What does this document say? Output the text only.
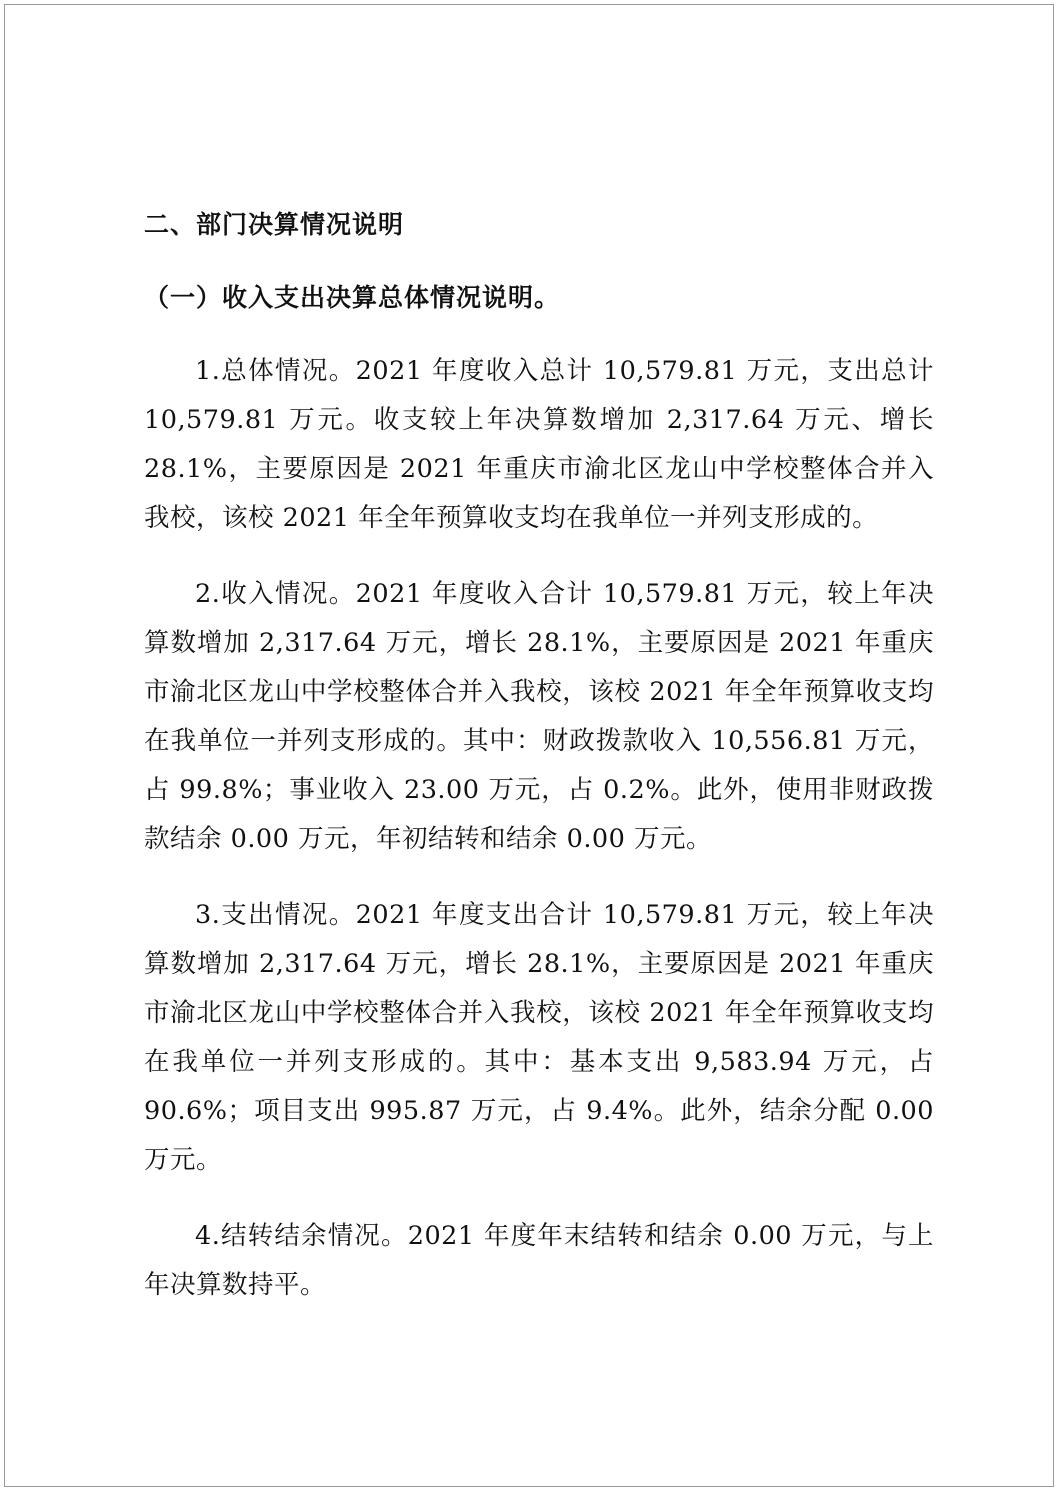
二、部门决算情况说明
（一）收入支出决算总体情况说明。

1.总体情况。2021 年度收入总计 10,579.81 万元，支出总计 10,579.81 万元。收支较上年决算数增加 2,317.64 万元、增长 28.1%，主要原因是 2021 年重庆市渝北区龙山中学校整体合并入我校，该校 2021 年全年预算收支均在我单位一并列支形成的。

2.收入情况。2021 年度收入合计 10,579.81 万元，较上年决算数增加 2,317.64 万元，增长 28.1%，主要原因是 2021 年重庆市渝北区龙山中学校整体合并入我校，该校 2021 年全年预算收支均在我单位一并列支形成的。其中：财政拨款收入 10,556.81 万元，占 99.8%；事业收入 23.00 万元，占 0.2%。此外，使用非财政拨款结余 0.00 万元，年初结转和结余 0.00 万元。

3.支出情况。2021 年度支出合计 10,579.81 万元，较上年决算数增加 2,317.64 万元，增长 28.1%，主要原因是 2021 年重庆市渝北区龙山中学校整体合并入我校，该校 2021 年全年预算收支均在我单位一并列支形成的。其中：基本支出 9,583.94 万元，占 90.6%；项目支出 995.87 万元，占 9.4%。此外，结余分配 0.00 万元。

4.结转结余情况。2021 年度年末结转和结余 0.00 万元，与上年决算数持平。
